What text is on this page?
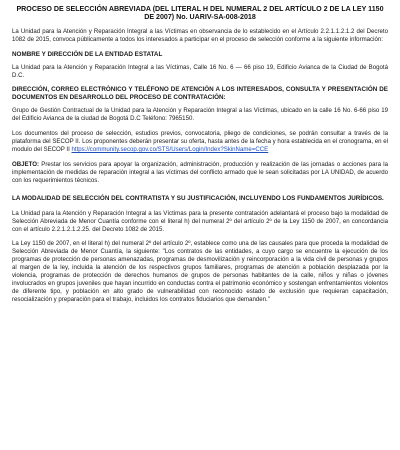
PROCESO DE SELECCIÓN ABREVIADA (DEL LITERAL H DEL NUMERAL 2 DEL ARTÍCULO 2 DE LA LEY 1150 DE 2007) No. UARIV-SA-008-2018

La Unidad para la Atención y Reparación Integral a las Víctimas en observancia de lo establecido en el Artículo 2.2.1.1.2.1.2 del Decreto 1082 de 2015, convoca públicamente a todos los interesados a participar en el proceso de selección conforme a la siguiente información:

NOMBRE Y DIRECCIÓN DE LA ENTIDAD ESTATAL

La Unidad para la Atención y Reparación Integral a las Víctimas, Calle 16 No. 6 — 66 piso 19, Edificio Avianca de la Ciudad de Bogotá D.C.

DIRECCIÓN, CORREO ELECTRÓNICO Y TELÉFONO DE ATENCIÓN A LOS INTERESADOS, CONSULTA Y PRESENTACIÓN DE DOCUMENTOS EN DESARROLLO DEL PROCESO DE CONTRATACIÓN:

Grupo de Gestión Contractual de la Unidad para la Atención y Reparación Integral a las Víctimas, ubicado en la calle 16 No. 6-66 piso 19 del Edificio Avianca de la ciudad de Bogotá D.C Teléfono: 7965150.

Los documentos del proceso de selección, estudios previos, convocatoria, pliego de condiciones, se podrán consultar a través de la plataforma del SECOP II. Los proponentes deberán presentar su oferta, hasta antes de la fecha y hora establecida en el cronograma, en el modulo del SECOP II https://community.secop.gov.co/STS/Users/Login/Index?SkinName=CCE

OBJETO: Prestar los servicios para apoyar la organización, administración, producción y realización de las jornadas o acciones para la implementación de medidas de reparación integral a las víctimas del conflicto armado que le sean solicitadas por LA UNIDAD, de acuerdo con los requerimientos técnicos.

LA MODALIDAD DE SELECCIÓN DEL CONTRATISTA Y SU JUSTIFICACIÓN, INCLUYENDO LOS FUNDAMENTOS JURÍDICOS.

La Unidad para la Atención y Reparación Integral a las Víctimas para la presente contratación adelantará el proceso bajo la modalidad de Selección Abreviada de Menor Cuantía conforme con el literal h) del numeral 2º del artículo 2º de la Ley 1150 de 2007, en concordancia con el artículo 2.2.1.2.1.2.25. del Decreto 1082 de 2015.

La Ley 1150 de 2007, en el literal h) del numeral 2º del artículo 2º, establece como una de las causales para que proceda la modalidad de Selección Abreviada de Menor Cuantía, la siguiente: "Los contratos de las entidades, a cuyo cargo se encuentre la ejecución de los programas de protección de personas amenazadas, programas de desmovilización y reincorporación a la vida civil de personas y grupos al margen de la ley, incluida la atención de los respectivos grupos familiares, programas de atención a población desplazada por la violencia, programas de protección de derechos humanos de grupos de personas habitantes de la calle, niños y niñas o jóvenes involucrados en grupos juveniles que hayan incurrido en conductas contra el patrimonio económico y sostengan enfrentamientos violentos de diferente tipo, y población en alto grado de vulnerabilidad con reconocido estado de exclusión que requieran capacitación, resocialización y preparación para el trabajo, incluidos los contratos fiduciarios que demanden."
